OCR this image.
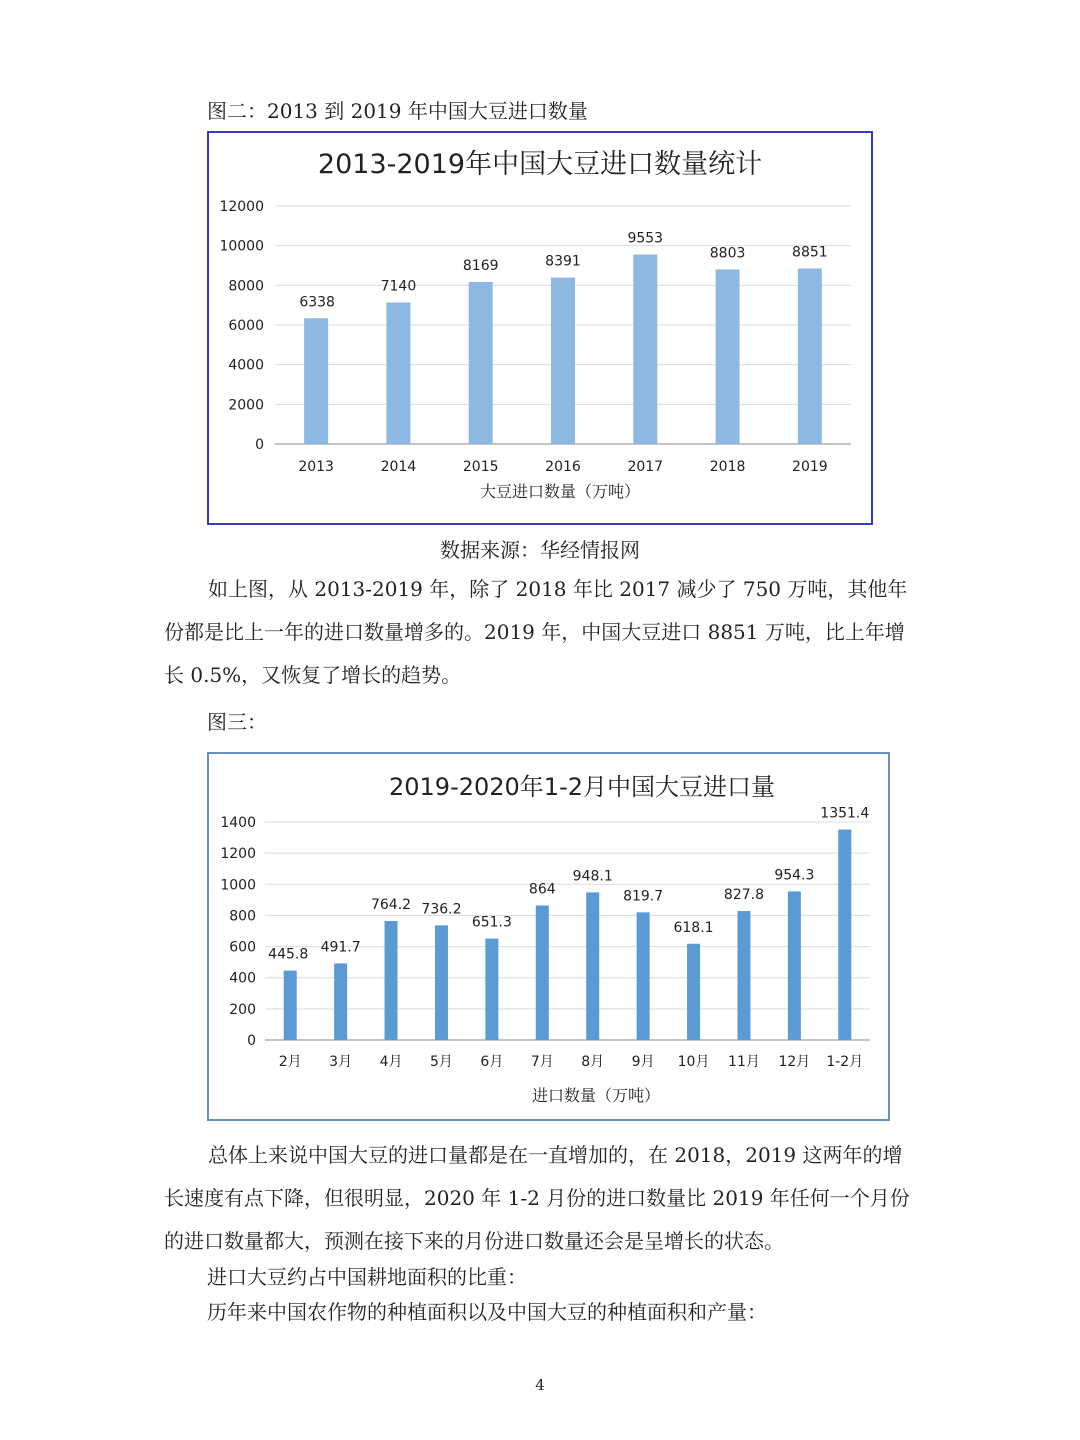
图二：2013 到 2019 年中国大豆进口数量
2013-2019年中国大豆进口数量统计
0
2000
4000
6000
8000
10000
12000
6338
2013
7140
2014
8169
2015
8391
2016
9553
2017
8803
2018
8851
2019
大豆进口数量（万吨）
数据来源：华经情报网
如上图，从 2013-2019 年，除了 2018 年比 2017 减少了 750 万吨，其他年份都是比上一年的进口数量增多的。2019 年，中国大豆进口 8851 万吨，比上年增长 0.5%，又恢复了增长的趋势。
图三：
2019-2020年1-2月中国大豆进口量
0
200
400
600
800
1000
1200
1400
445.8
2月
491.7
3月
764.2
4月
736.2
5月
651.3
6月
864
7月
948.1
8月
819.7
9月
618.1
10月
827.8
11月
954.3
12月
1351.4
1-2月
进口数量（万吨）
总体上来说中国大豆的进口量都是在一直增加的，在 2018，2019 这两年的增长速度有点下降，但很明显，2020 年 1-2 月份的进口数量比 2019 年任何一个月份的进口数量都大，预测在接下来的月份进口数量还会是呈增长的状态。
进口大豆约占中国耕地面积的比重：
历年来中国农作物的种植面积以及中国大豆的种植面积和产量：
4
